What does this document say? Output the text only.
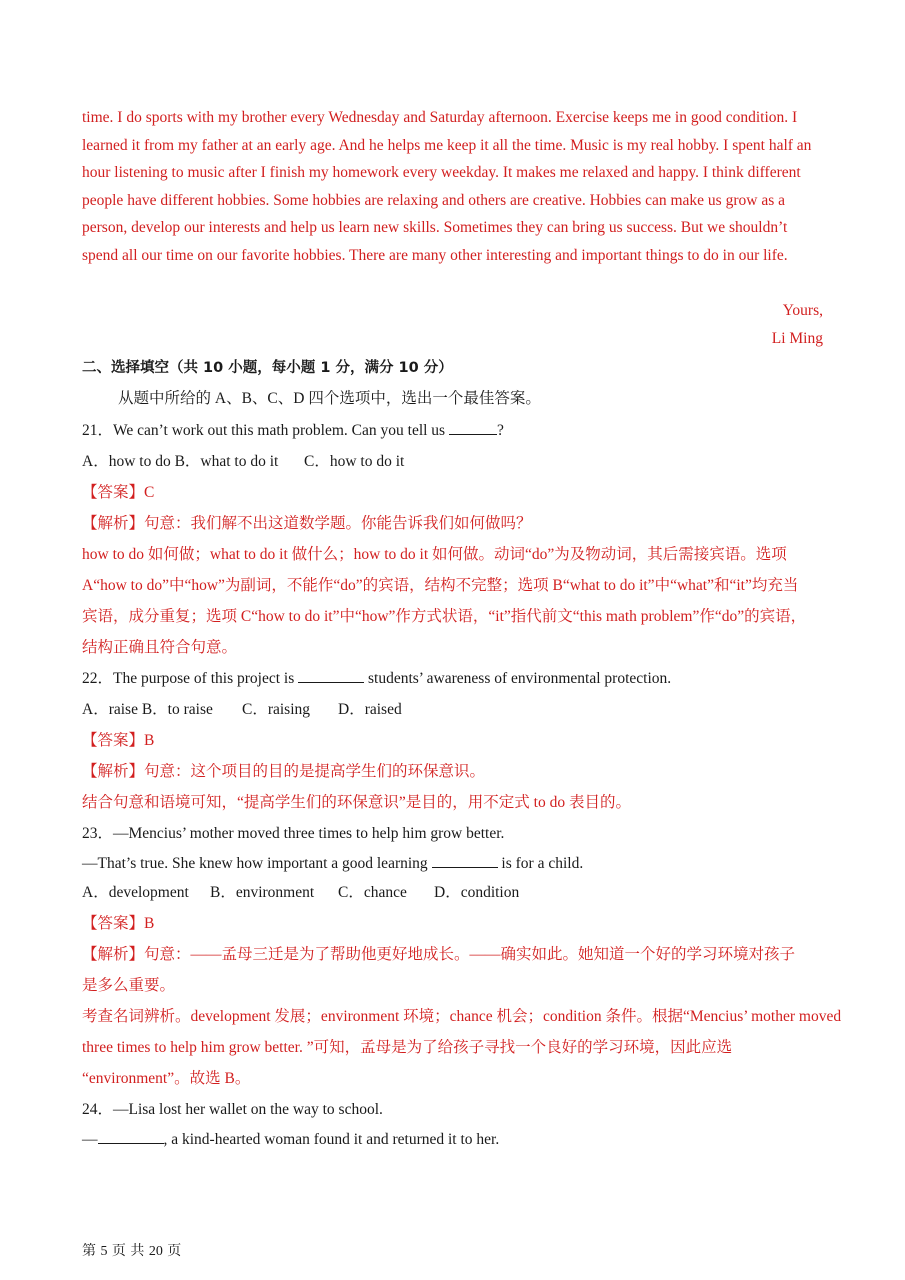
time. I do sports with my brother every Wednesday and Saturday afternoon. Exercise keeps me in good condition. I learned it from my father at an early age. And he helps me keep it all the time. Music is my real hobby. I spent half an hour listening to music after I finish my homework every weekday. It makes me relaxed and happy. I think different people have different hobbies. Some hobbies are relaxing and others are creative. Hobbies can make us grow as a person, develop our interests and help us learn new skills. Sometimes they can bring us success. But we shouldn’t spend all our time on our favorite hobbies. There are many other interesting and important things to do in our life.
Yours,
Li Ming
二、选择填空（共 10 小题，每小题 1 分，满分 10 分）
从题中所给的 A、B、C、D 四个选项中，选出一个最佳答案。
21．We can’t work out this math problem. Can you tell us	?
A．how to do B．what to do it C．how to do it
【答案】C
【解析】句意：我们解不出这道数学题。你能告诉我们如何做吗？
how to do 如何做；what to do it 做什么；how to do it 如何做。动词“do”为及物动词，其后需接宾语。选项
A“how to do”中“how”为副词，不能作“do”的宾语，结构不完整；选项 B“what to do it”中“what”和“it”均充当
宾语，成分重复；选项 C“how to do it”中“how”作方式状语，“it”指代前文“this math problem”作“do”的宾语，
结构正确且符合句意。
22．The purpose of this project is	students’ awareness of environmental protection.
A．raise B．to raise C．raising D．raised
【答案】B
【解析】句意：这个项目的目的是提高学生们的环保意识。
结合句意和语境可知，“提高学生们的环保意识”是目的，用不定式 to do 表目的。
23．—Mencius’ mother moved three times to help him grow better.
—That’s true. She knew how important a good learning	is for a child.
A．development B．environment C．chance D．condition
【答案】B
【解析】句意：——孟母三迁是为了帮助他更好地成长。——确实如此。她知道一个好的学习环境对孩子
是多么重要。
考查名词辨析。development 发展；environment 环境；chance 机会；condition 条件。根据“Mencius’ mother moved
three times to help him grow better. ”可知，孟母是为了给孩子寻找一个良好的学习环境，因此应选
“environment”。故选 B。
24．—Lisa lost her wallet on the way to school.
—	, a kind-hearted woman found it and returned it to her.
第 5 页 共 20 页
